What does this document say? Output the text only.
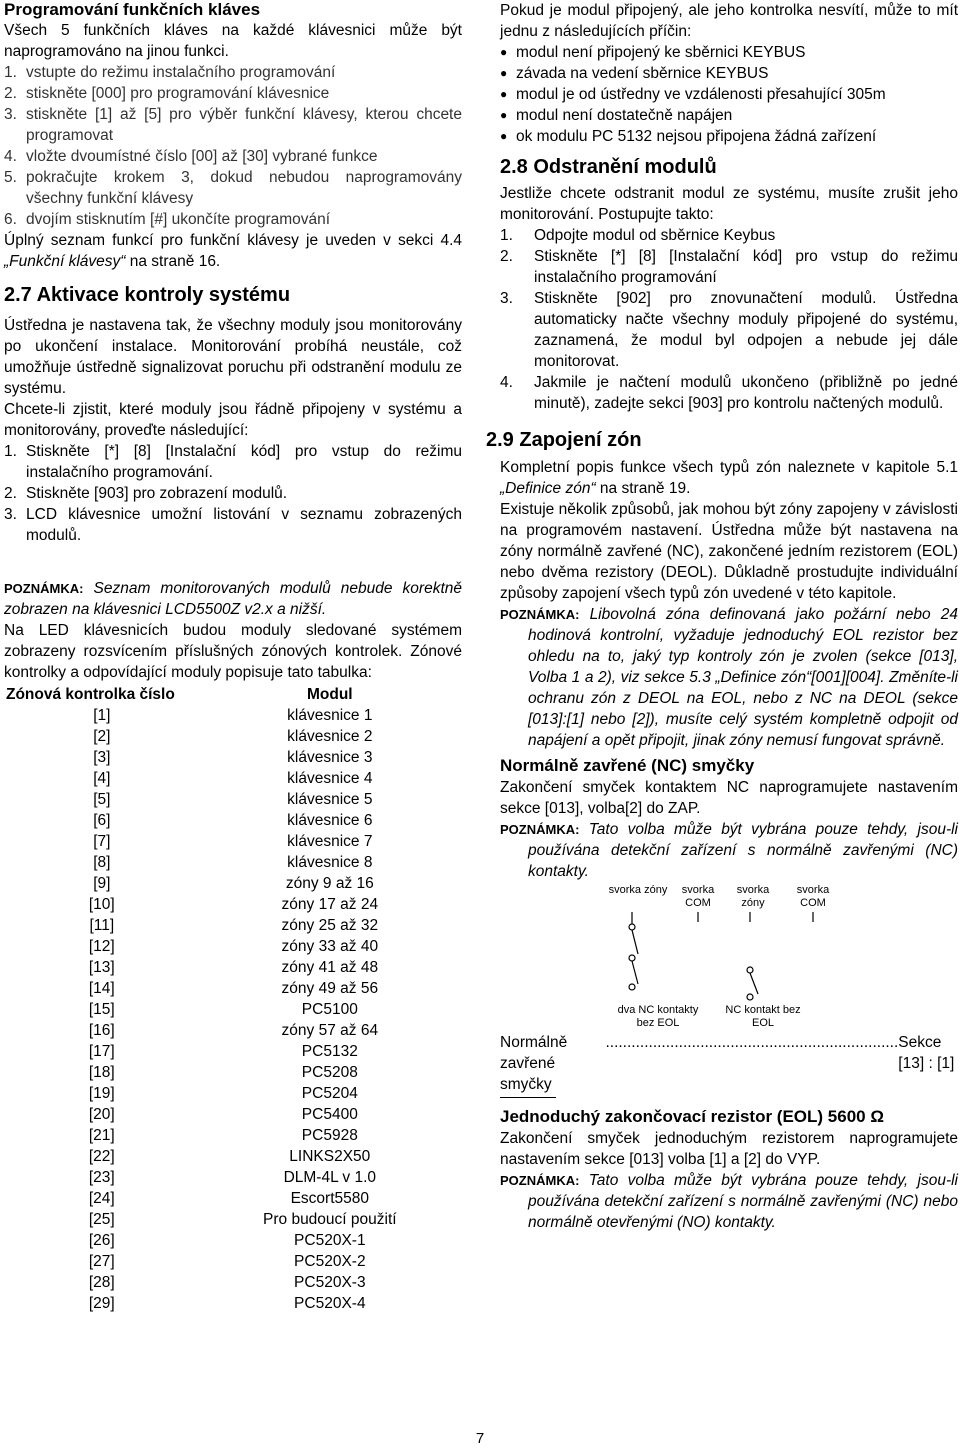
Programování funkčních kláves

Všech 5 funkčních kláves na každé klávesnici může být naprogramováno na jinou funkci.

1. vstupte do režimu instalačního programování
2. stiskněte [000] pro programování klávesnice
3. stiskněte [1] až [5] pro výběr funkční klávesy, kterou chcete programovat
4. vložte dvoumístné číslo [00] až [30] vybrané funkce
5. pokračujte krokem 3, dokud nebudou naprogramovány všechny funkční klávesy
6. dvojím stisknutím [#] ukončíte programování

Úplný seznam funkcí pro funkční klávesy je uveden v sekci 4.4 „Funkční klávesy“ na straně 16.

2.7 Aktivace kontroly systému

Ústředna je nastavena tak, že všechny moduly jsou monitorovány po ukončení instalace. Monitorování probíhá neustále, což umožňuje ústředně signalizovat poruchu při odstranění modulu ze systému.

Chcete-li zjistit, které moduly jsou řádně připojeny v systému a monitorovány, proveďte následující:

1. Stiskněte [*] [8] [Instalační kód] pro vstup do režimu instalačního programování.
2. Stiskněte [903] pro zobrazení modulů.
3. LCD klávesnice umožní listování v seznamu zobrazených modulů.

POZNÁMKA: Seznam monitorovaných modulů nebude korektně zobrazen na klávesnici LCD5500Z v2.x a nižší.

Na LED klávesnicích budou moduly sledované systémem zobrazeny rozsvícením příslušných zónových kontrolek. Zónové kontrolky a odpovídající moduly popisuje tato tabulka:

Zónová kontrolka číslo	Modul
[1]	klávesnice 1
[2]	klávesnice 2
[3]	klávesnice 3
[4]	klávesnice 4
[5]	klávesnice 5
[6]	klávesnice 6
[7]	klávesnice 7
[8]	klávesnice 8
[9]	zóny 9 až 16
[10]	zóny 17 až 24
[11]	zóny 25 až 32
[12]	zóny 33 až 40
[13]	zóny 41 až 48
[14]	zóny 49 až 56
[15]	PC5100
[16]	zóny 57 až 64
[17]	PC5132
[18]	PC5208
[19]	PC5204
[20]	PC5400
[21]	PC5928
[22]	LINKS2X50
[23]	DLM-4L v 1.0
[24]	Escort5580
[25]	Pro budoucí použití
[26]	PC520X-1
[27]	PC520X-2
[28]	PC520X-3
[29]	PC520X-4

Pokud je modul připojený, ale jeho kontrolka nesvítí, může to mít jednu z následujících příčin:

● modul není připojený ke sběrnici KEYBUS
● závada na vedení sběrnice KEYBUS
● modul je od ústředny ve vzdálenosti přesahující 305m
● modul není dostatečně napájen
● ok modulu PC 5132 nejsou připojena žádná zařízení
2.8 Odstranění modulů

Jestliže chcete odstranit modul ze systému, musíte zrušit jeho monitorování. Postupujte takto:

1.	Odpojte modul od sběrnice Keybus
2.	Stiskněte [*] [8] [Instalační kód] pro vstup do režimu instalačního programování
3.	Stiskněte [902] pro znovunačtení modulů. Ústředna automaticky načte všechny moduly připojené do systému, zaznamená, že modul byl odpojen a nebude jej dále monitorovat.
4.	Jakmile je načtení modulů ukončeno (přibližně po jedné minutě), zadejte sekci [903] pro kontrolu načtených modulů.
2.9 Zapojení zón

Kompletní popis funkce všech typů zón naleznete v kapitole 5.1 „Definice zón“ na straně 19.

Existuje několik způsobů, jak mohou být zóny zapojeny v závislosti na programovém nastavení. Ústředna může být nastavena na zóny normálně zavřené (NC), zakončené jedním rezistorem (EOL) nebo dvěma rezistory (DEOL). Důkladně prostudujte individuální způsoby zapojení všech typů zón uvedené v této kapitole.

POZNÁMKA: Libovolná zóna definovaná jako požární nebo 24 hodinová kontrolní, vyžaduje jednoduchý EOL rezistor bez ohledu na to, jaký typ kontroly zón je zvolen (sekce [013], Volba 1 a 2), viz sekce 5.3 „Definice zón“[001][004]. Změníte-li ochranu zón z DEOL na EOL, nebo z NC na DEOL (sekce [013]:[1] nebo [2]), musíte celý systém kompletně odpojit od napájení a opět připojit, jinak zóny nemusí fungovat správně.

Normálně zavřené (NC) smyčky

Zakončení smyček kontaktem NC naprogramujete nastavením sekce [013], volba[2] do ZAP.

POZNÁMKA: Tato volba může být vybrána pouze tehdy, jsou-li používána detekční zařízení s normálně zavřenými (NC) kontakty.

svorka zóny	svorka COM
svorka zóny
svorka COM
dva NC kontakty bez EOL
NC kontakt bez EOL
Normálně zavřené smyčky
.................................................................... Sekce [13] : [1]
Jednoduchý zakončovací rezistor (EOL) 5600 Ω

Zakončení smyček jednoduchým rezistorem naprogramujete nastavením sekce [013] volba [1] a [2] do VYP.

POZNÁMKA: Tato volba může být vybrána pouze tehdy, jsou-li používána detekční zařízení s normálně zavřenými (NC) nebo normálně otevřenými (NO) kontakty.

7
